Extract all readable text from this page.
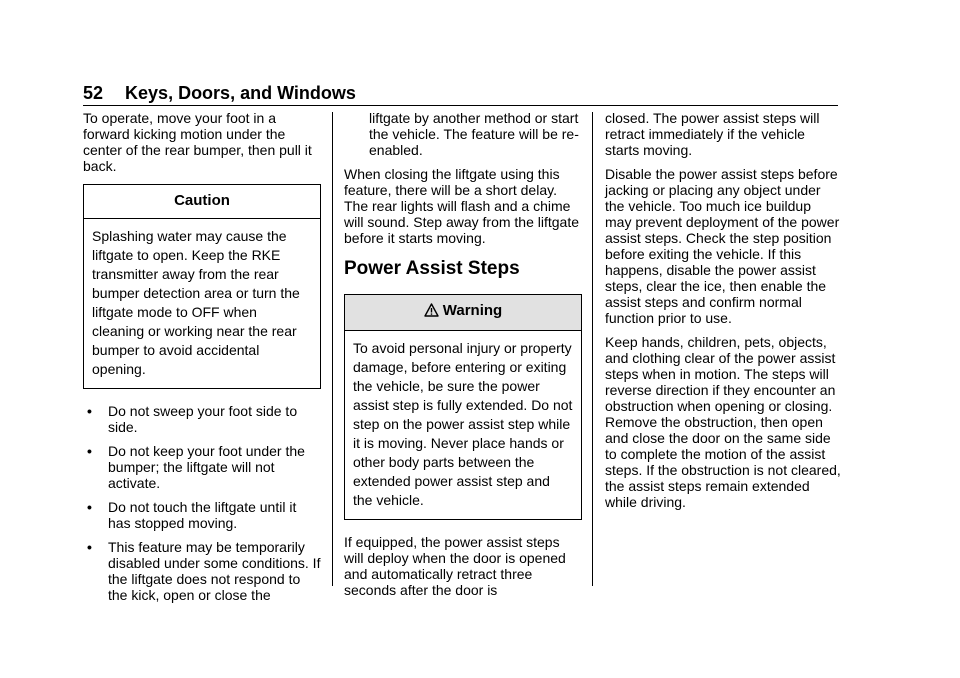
52 Keys, Doors, and Windows

To operate, move your foot in a forward kicking motion under the center of the rear bumper, then pull it back.

Caution
Splashing water may cause the liftgate to open. Keep the RKE transmitter away from the rear bumper detection area or turn the liftgate mode to OFF when cleaning or working near the rear bumper to avoid accidental opening.
• Do not sweep your foot side to side.
• Do not keep your foot under the bumper; the liftgate will not activate.
• Do not touch the liftgate until it has stopped moving.
• This feature may be temporarily disabled under some conditions. If the liftgate does not respond to the kick, open or close the

liftgate by another method or start the vehicle. The feature will be re-enabled.

When closing the liftgate using this feature, there will be a short delay. The rear lights will flash and a chime will sound. Step away from the liftgate before it starts moving.

Power Assist Steps
Warning
To avoid personal injury or property damage, before entering or exiting the vehicle, be sure the power assist step is fully extended. Do not step on the power assist step while it is moving. Never place hands or other body parts between the extended power assist step and the vehicle.

If equipped, the power assist steps will deploy when the door is opened and automatically retract three seconds after the door is

closed. The power assist steps will retract immediately if the vehicle starts moving.

Disable the power assist steps before jacking or placing any object under the vehicle. Too much ice buildup may prevent deployment of the power assist steps. Check the step position before exiting the vehicle. If this happens, disable the power assist steps, clear the ice, then enable the assist steps and confirm normal function prior to use.

Keep hands, children, pets, objects, and clothing clear of the power assist steps when in motion. The steps will reverse direction if they encounter an obstruction when opening or closing. Remove the obstruction, then open and close the door on the same side to complete the motion of the assist steps. If the obstruction is not cleared, the assist steps remain extended while driving.
